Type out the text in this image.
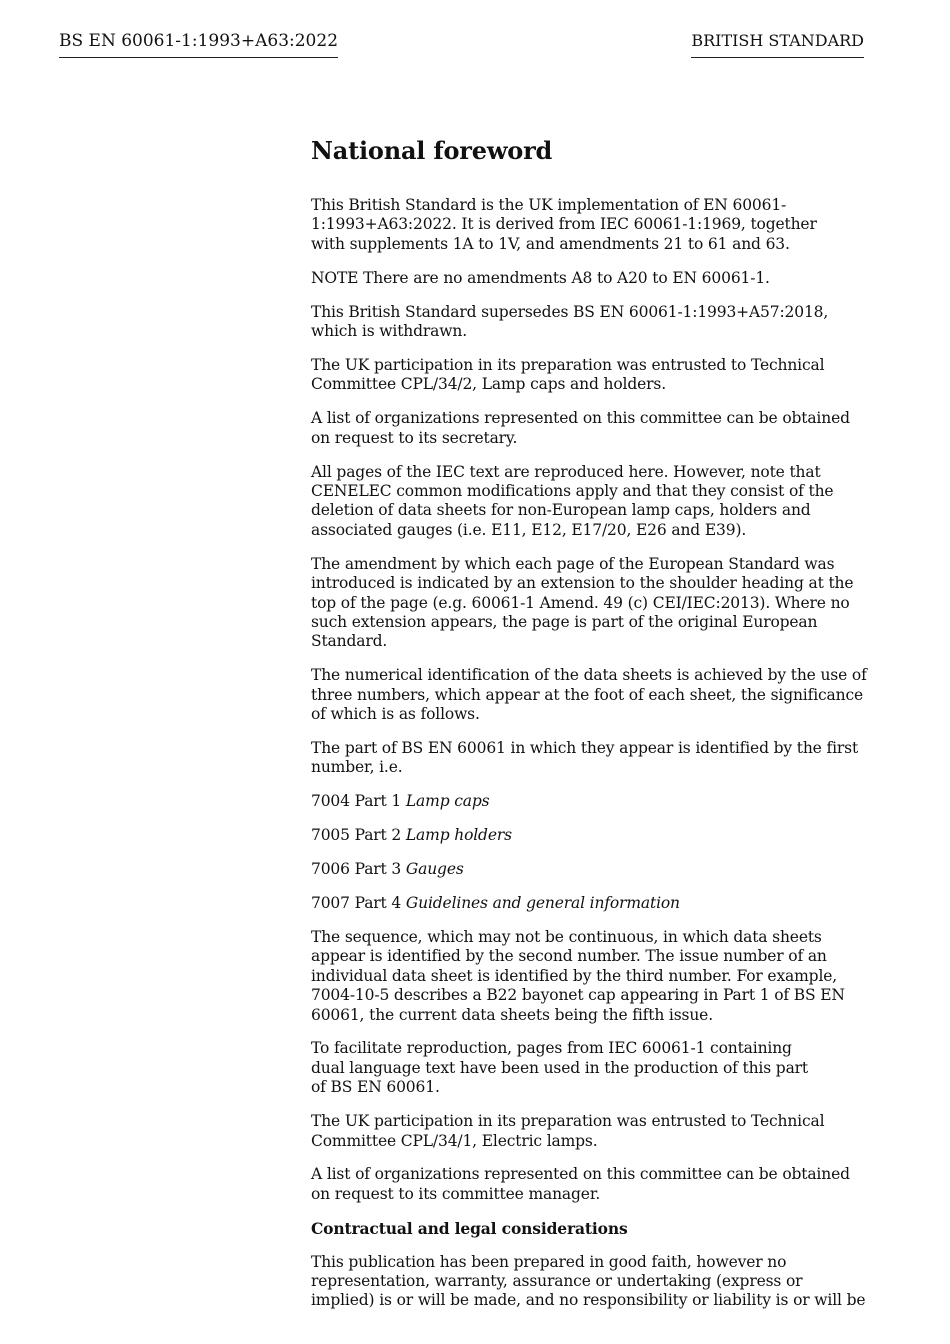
BS EN 60061-1:1993+A63:2022	BRITISH STANDARD
National foreword

This British Standard is the UK implementation of EN 60061-1:1993+A63:2022. It is derived from IEC 60061-1:1969, together with supplements 1A to 1V, and amendments 21 to 61 and 63.

NOTE There are no amendments A8 to A20 to EN 60061-1.

This British Standard supersedes BS EN 60061-1:1993+A57:2018, which is withdrawn.

The UK participation in its preparation was entrusted to Technical Committee CPL/34/2, Lamp caps and holders.

A list of organizations represented on this committee can be obtained on request to its secretary.

All pages of the IEC text are reproduced here. However, note that CENELEC common modifications apply and that they consist of the deletion of data sheets for non-European lamp caps, holders and associated gauges (i.e. E11, E12, E17/20, E26 and E39).

The amendment by which each page of the European Standard was introduced is indicated by an extension to the shoulder heading at the top of the page (e.g. 60061-1 Amend. 49 (c) CEI/IEC:2013). Where no such extension appears, the page is part of the original European Standard.

The numerical identification of the data sheets is achieved by the use of three numbers, which appear at the foot of each sheet, the significance of which is as follows.

The part of BS EN 60061 in which they appear is identified by the first number, i.e.

7004 Part 1 Lamp caps

7005 Part 2 Lamp holders

7006 Part 3 Gauges

7007 Part 4 Guidelines and general information

The sequence, which may not be continuous, in which data sheets appear is identified by the second number. The issue number of an individual data sheet is identified by the third number. For example, 7004-10-5 describes a B22 bayonet cap appearing in Part 1 of BS EN 60061, the current data sheets being the fifth issue.

To facilitate reproduction, pages from IEC 60061-1 containing dual language text have been used in the production of this part of BS EN 60061.

The UK participation in its preparation was entrusted to Technical Committee CPL/34/1, Electric lamps.

A list of organizations represented on this committee can be obtained on request to its committee manager.

Contractual and legal considerations

This publication has been prepared in good faith, however no representation, warranty, assurance or undertaking (express or implied) is or will be made, and no responsibility or liability is or will be
